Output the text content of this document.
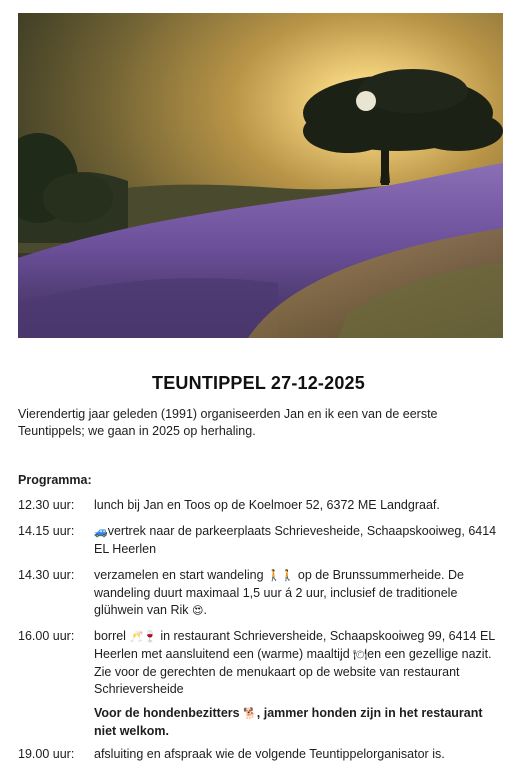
TEUNTIPPEL 27-12-2025
Vierendertig jaar geleden (1991) organiseerden Jan en ik een van de eerste Teuntippels; we gaan in 2025 op herhaling.
Programma:
12.30 uur:	lunch bij Jan en Toos op de Koelmoer 52, 6372 ME Landgraaf.
14.15 uur:	🚙vertrek naar de parkeerplaats Schrievesheide, Schaapskooiweg, 6414 EL Heerlen
14.30 uur:	verzamelen en start wandeling 🚶🚶 op de Brunssummerheide. De wandeling duurt maximaal 1,5 uur á 2 uur, inclusief de traditionele glühwein van Rik 😍.
16.00 uur:	borrel 🥂🍷 in restaurant Schrieversheide, Schaapskooiweg 99, 6414 EL Heerlen met aansluitend een (warme) maaltijd 🍽en een gezellige nazit. Zie voor de gerechten de menukaart op de website van restaurant Schrieversheide
Voor de hondenbezitters 🐕, jammer honden zijn in het restaurant niet welkom.
19.00 uur:	afsluiting en afspraak wie de volgende Teuntippelorganisator is.
